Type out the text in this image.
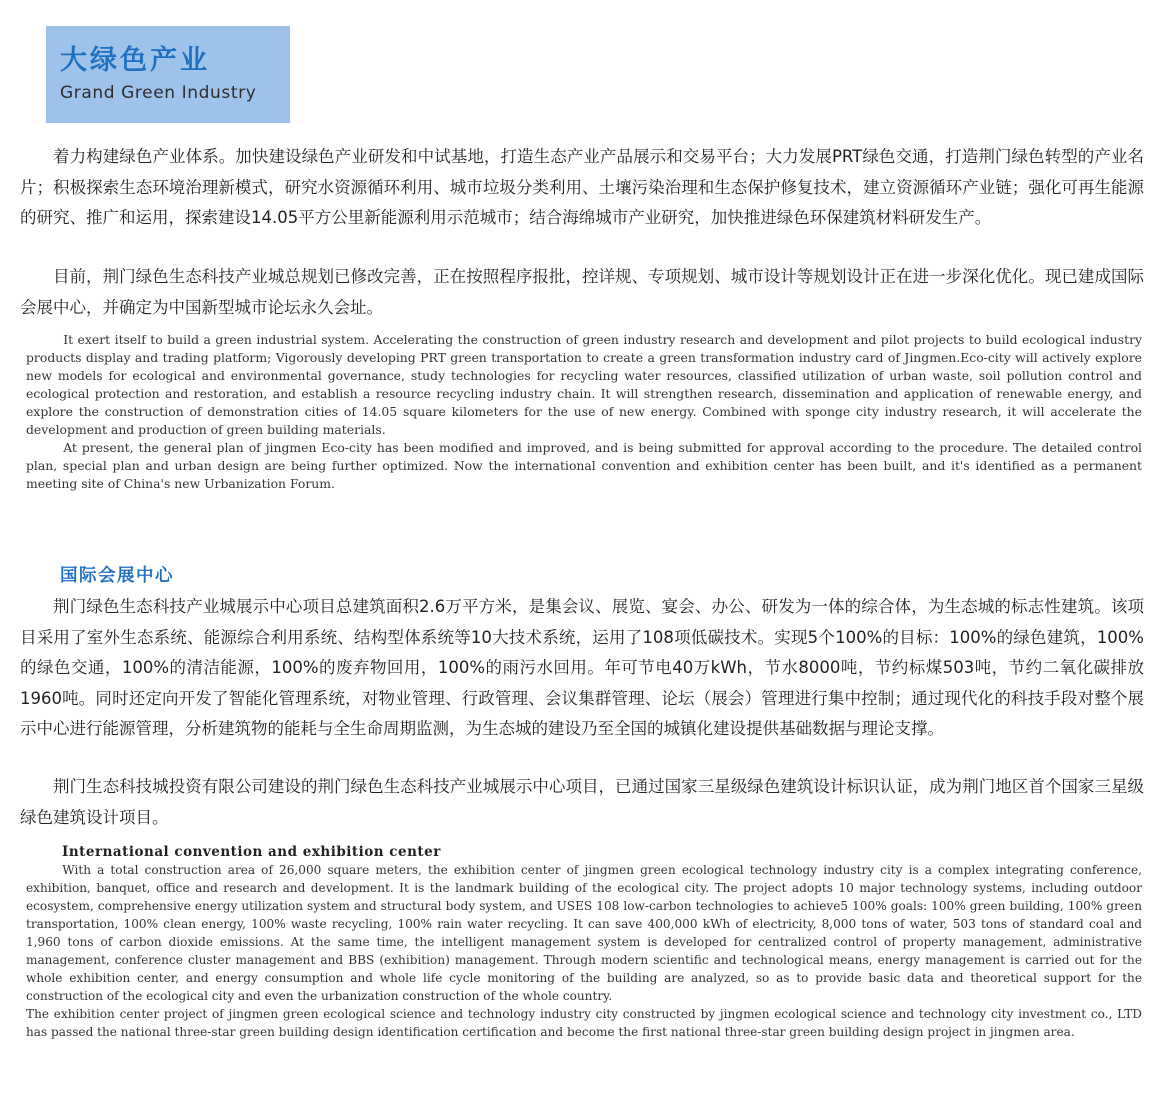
大绿色产业
Grand Green Industry

着力构建绿色产业体系。加快建设绿色产业研发和中试基地，打造生态产业产品展示和交易平台；大力发展PRT绿色交通，打造荆门绿色转型的产业名片；积极探索生态环境治理新模式，研究水资源循环利用、城市垃圾分类利用、土壤污染治理和生态保护修复技术，建立资源循环产业链；强化可再生能源的研究、推广和运用，探索建设14.05平方公里新能源利用示范城市；结合海绵城市产业研究，加快推进绿色环保建筑材料研发生产。

目前，荆门绿色生态科技产业城总规划已修改完善，正在按照程序报批，控详规、专项规划、城市设计等规划设计正在进一步深化优化。现已建成国际会展中心，并确定为中国新型城市论坛永久会址。

It exert itself to build a green industrial system. Accelerating the construction of green industry research and development and pilot projects to build ecological industry products display and trading platform; Vigorously developing PRT green transportation to create a green transformation industry card of Jingmen.Eco-city will actively explore new models for ecological and environmental governance, study technologies for recycling water resources, classified utilization of urban waste, soil pollution control and ecological protection and restoration, and establish a resource recycling industry chain. It will strengthen research, dissemination and application of renewable energy, and explore the construction of demonstration cities of 14.05 square kilometers for the use of new energy. Combined with sponge city industry research, it will accelerate the development and production of green building materials.

At present, the general plan of jingmen Eco-city has been modified and improved, and is being submitted for approval according to the procedure. The detailed control plan, special plan and urban design are being further optimized. Now the international convention and exhibition center has been built, and it's identified as a permanent meeting site of China's new Urbanization Forum.

国际会展中心

荆门绿色生态科技产业城展示中心项目总建筑面积2.6万平方米，是集会议、展览、宴会、办公、研发为一体的综合体，为生态城的标志性建筑。该项目采用了室外生态系统、能源综合利用系统、结构型体系统等10大技术系统，运用了108项低碳技术。实现5个100%的目标：100%的绿色建筑，100%的绿色交通，100%的清洁能源，100%的废弃物回用，100%的雨污水回用。年可节电40万kWh，节水8000吨，节约标煤503吨，节约二氧化碳排放1960吨。同时还定向开发了智能化管理系统，对物业管理、行政管理、会议集群管理、论坛（展会）管理进行集中控制；通过现代化的科技手段对整个展示中心进行能源管理，分析建筑物的能耗与全生命周期监测，为生态城的建设乃至全国的城镇化建设提供基础数据与理论支撑。

荆门生态科技城投资有限公司建设的荆门绿色生态科技产业城展示中心项目，已通过国家三星级绿色建筑设计标识认证，成为荆门地区首个国家三星级绿色建筑设计项目。

International convention and exhibition center

With a total construction area of 26,000 square meters, the exhibition center of jingmen green ecological technology industry city is a complex integrating conference, exhibition, banquet, office and research and development. It is the landmark building of the ecological city. The project adopts 10 major technology systems, including outdoor ecosystem, comprehensive energy utilization system and structural body system, and USES 108 low-carbon technologies to achieve5 100% goals: 100% green building, 100% green transportation, 100% clean energy, 100% waste recycling, 100% rain water recycling. It can save 400,000 kWh of electricity, 8,000 tons of water, 503 tons of standard coal and 1,960 tons of carbon dioxide emissions. At the same time, the intelligent management system is developed for centralized control of property management, administrative management, conference cluster management and BBS (exhibition) management. Through modern scientific and technological means, energy management is carried out for the whole exhibition center, and energy consumption and whole life cycle monitoring of the building are analyzed, so as to provide basic data and theoretical support for the construction of the ecological city and even the urbanization construction of the whole country.

The exhibition center project of jingmen green ecological science and technology industry city constructed by jingmen ecological science and technology city investment co., LTD has passed the national three-star green building design identification certification and become the first national three-star green building design project in jingmen area.
